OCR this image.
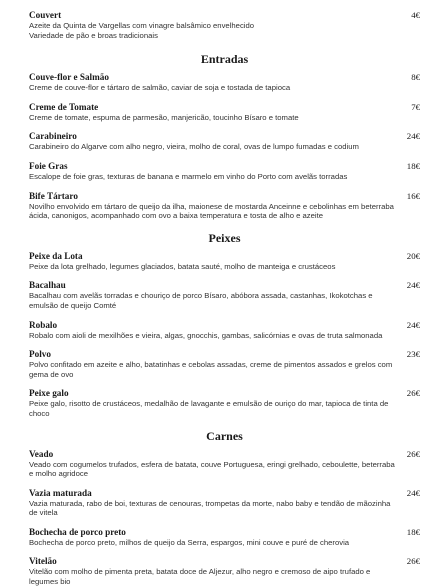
Couvert	4€

Azeite da Quinta de Vargellas com vinagre balsâmico envelhecido
Variedade de pão e broas tradicionais

Entradas
Couve-flor e Salmão	8€

Creme de couve-flor e tártaro de salmão, caviar de soja e tostada de tapioca

Creme de Tomate	7€

Creme de tomate, espuma de parmesão, manjericão, toucinho Bísaro e tomate

Carabineiro	24€

Carabineiro do Algarve com alho negro, vieira, molho de coral, ovas de lumpo fumadas e codium

Foie Gras	18€

Escalope de foie gras, texturas de banana e marmelo em vinho do Porto com avelãs torradas

Bife Tártaro	16€

Novilho envolvido em tártaro de queijo da ilha, maionese de mostarda Anceinne e cebolinhas em beterraba ácida, canonigos, acompanhado com ovo a baixa temperatura e tosta de alho e azeite

Peixes
Peixe da Lota	20€

Peixe da lota grelhado, legumes glaciados, batata sauté, molho de manteiga e crustáceos

Bacalhau	24€

Bacalhau com avelãs torradas e chouriço de porco Bísaro, abóbora assada, castanhas, Ikokotchas e emulsão de queijo Comté

Robalo	24€

Robalo com aioli de mexilhões e vieira, algas, gnocchis, gambas, salicórnias e ovas de truta salmonada

Polvo	23€

Polvo confitado em azeite e alho, batatinhas e cebolas assadas, creme de pimentos assados e grelos com gema de ovo

Peixe galo	26€

Peixe galo, risotto de crustáceos, medalhão de lavagante e emulsão de ouriço do mar, tapioca de tinta de choco

Carnes
Veado	26€

Veado com cogumelos trufados, esfera de batata, couve Portuguesa, eringi grelhado, ceboulette, beterraba e molho agridoce

Vazia maturada	24€

Vazia maturada, rabo de boi, texturas de cenouras, trompetas da morte, nabo baby e tendão de mãozinha de vitela

Bochecha de porco preto	18€

Bochecha de porco preto, milhos de queijo da Serra, espargos, mini couve e puré de cherovia

Vitelão	26€

Vitelão com molho de pimenta preta, batata doce de Aljezur, alho negro e cremoso de aipo trufado e legumes bio
